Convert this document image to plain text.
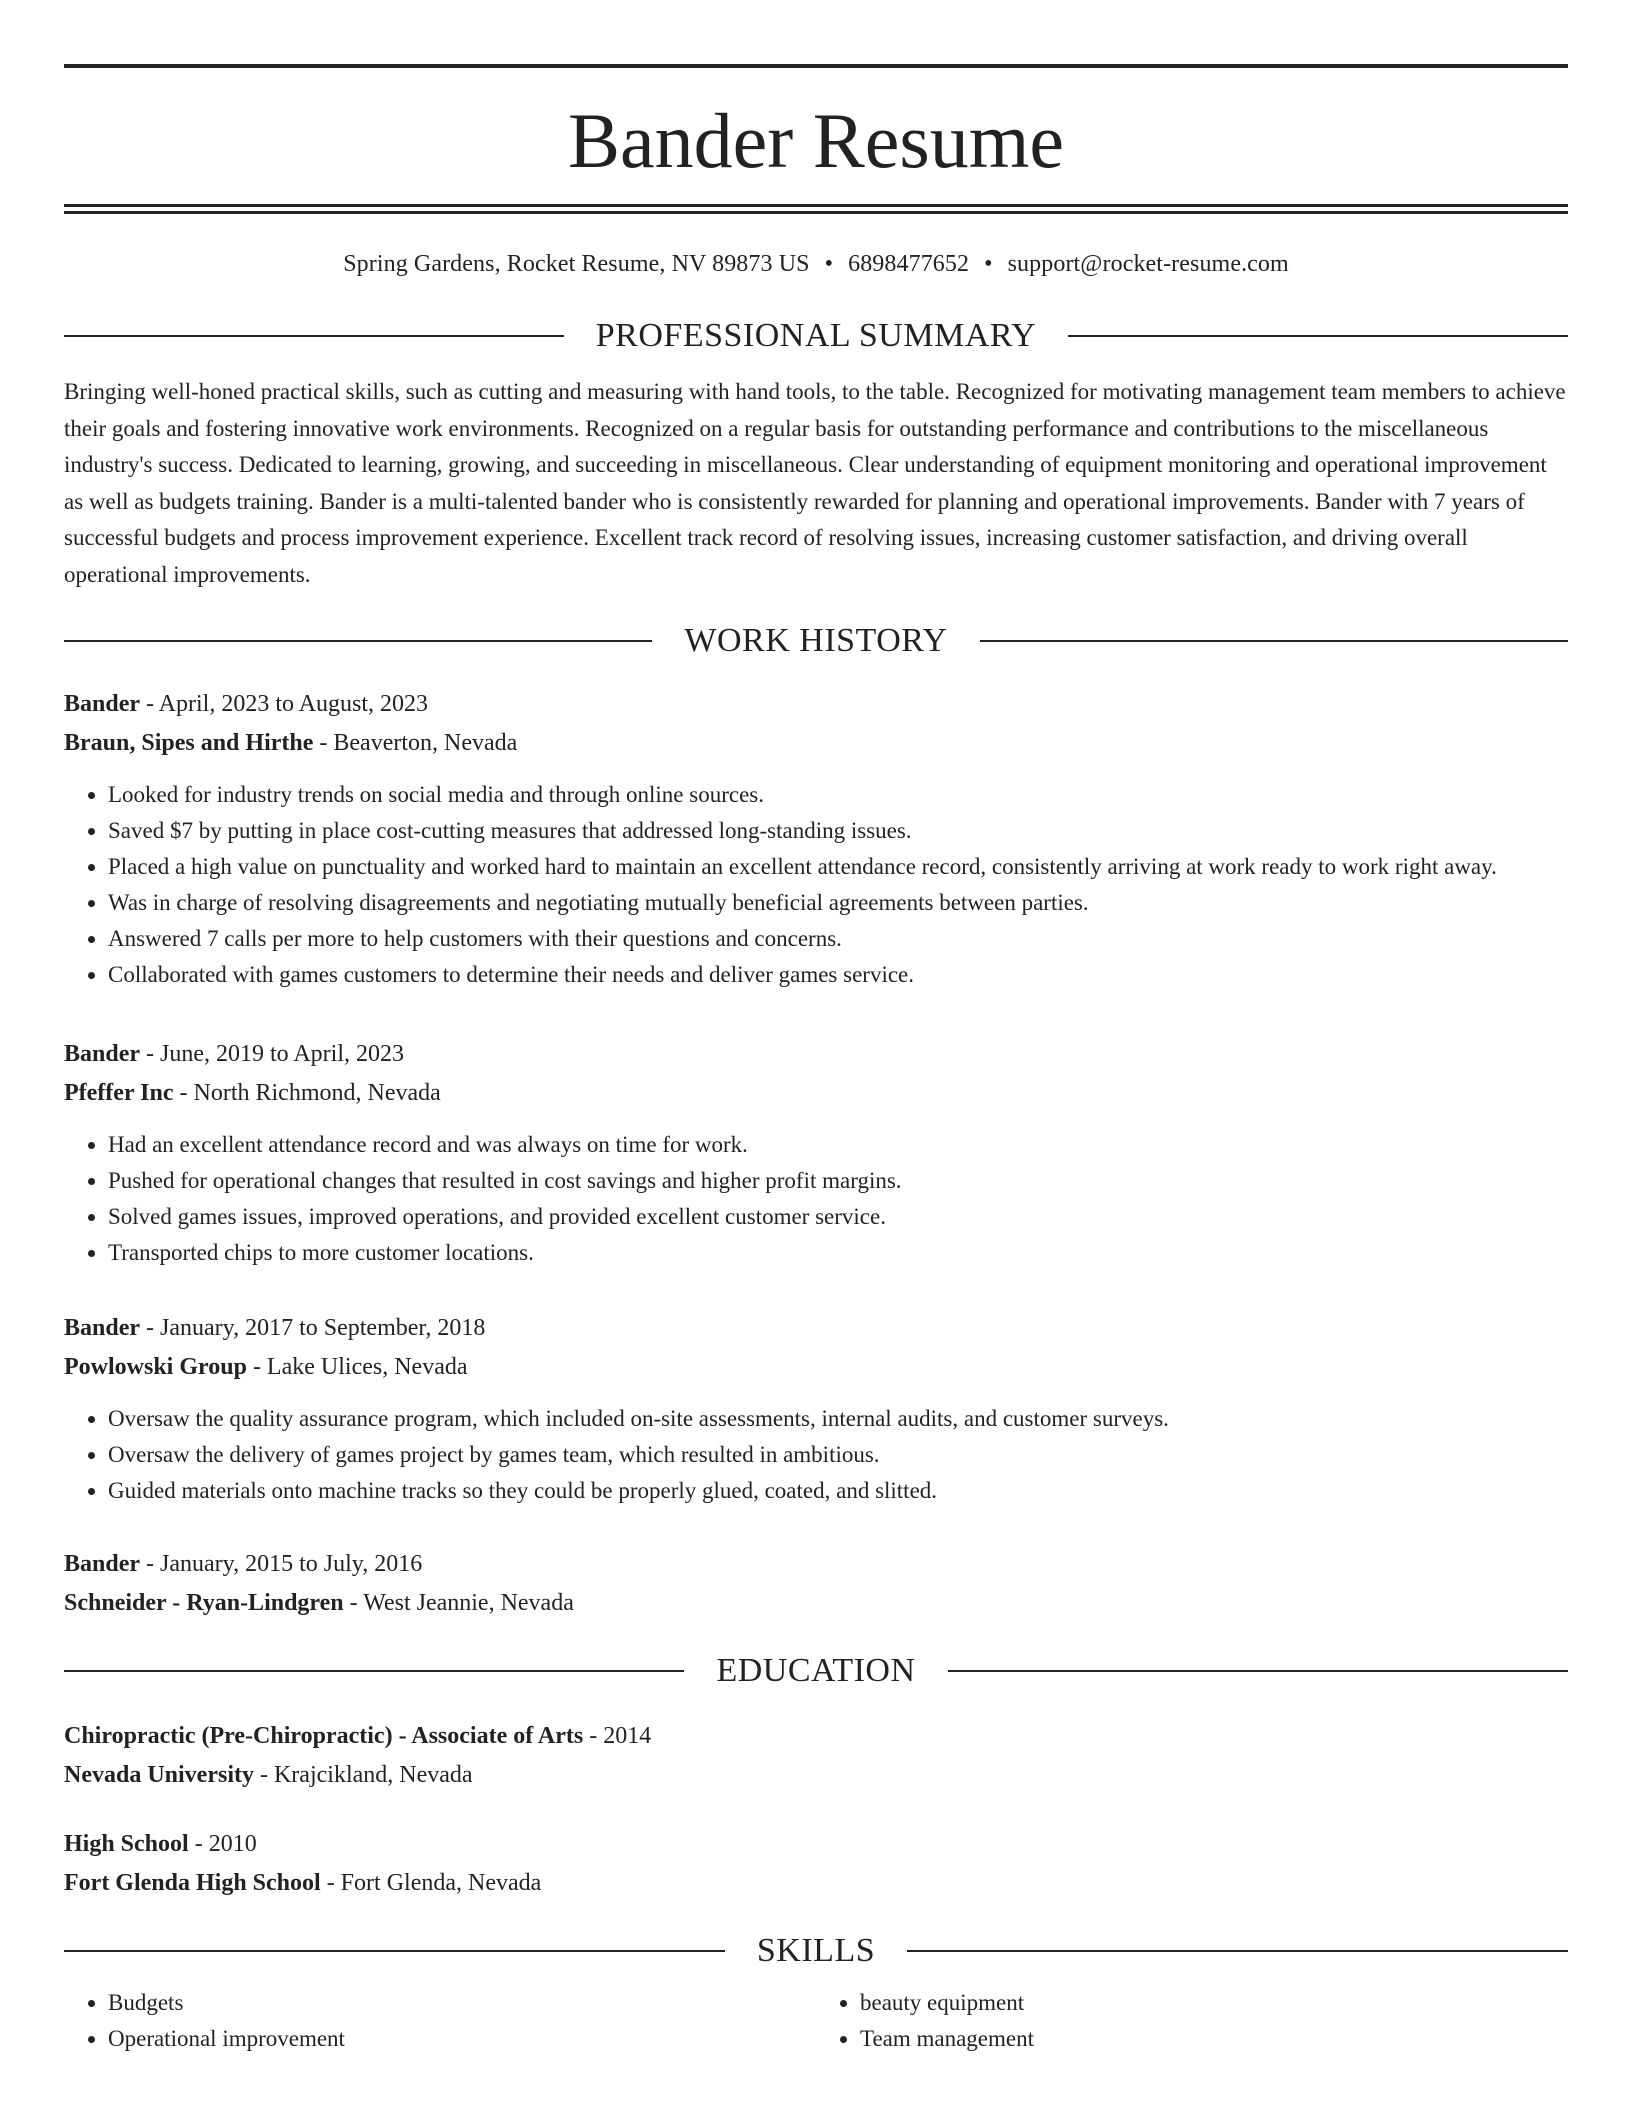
Bander Resume
Spring Gardens, Rocket Resume, NV 89873 US • 6898477652 • support@rocket-resume.com
PROFESSIONAL SUMMARY

Bringing well-honed practical skills, such as cutting and measuring with hand tools, to the table. Recognized for motivating management team members to achieve their goals and fostering innovative work environments. Recognized on a regular basis for outstanding performance and contributions to the miscellaneous industry's success. Dedicated to learning, growing, and succeeding in miscellaneous. Clear understanding of equipment monitoring and operational improvement as well as budgets training. Bander is a multi-talented bander who is consistently rewarded for planning and operational improvements. Bander with 7 years of successful budgets and process improvement experience. Excellent track record of resolving issues, increasing customer satisfaction, and driving overall operational improvements.

WORK HISTORY
Bander - April, 2023 to August, 2023
Braun, Sipes and Hirthe - Beaverton, Nevada
• Looked for industry trends on social media and through online sources.
• Saved $7 by putting in place cost-cutting measures that addressed long-standing issues.
• Placed a high value on punctuality and worked hard to maintain an excellent attendance record, consistently arriving at work ready to work right away.
• Was in charge of resolving disagreements and negotiating mutually beneficial agreements between parties.
• Answered 7 calls per more to help customers with their questions and concerns.
• Collaborated with games customers to determine their needs and deliver games service.
Bander - June, 2019 to April, 2023
Pfeffer Inc - North Richmond, Nevada
• Had an excellent attendance record and was always on time for work.
• Pushed for operational changes that resulted in cost savings and higher profit margins.
• Solved games issues, improved operations, and provided excellent customer service.
• Transported chips to more customer locations.
Bander - January, 2017 to September, 2018
Powlowski Group - Lake Ulices, Nevada
• Oversaw the quality assurance program, which included on-site assessments, internal audits, and customer surveys.
• Oversaw the delivery of games project by games team, which resulted in ambitious.
• Guided materials onto machine tracks so they could be properly glued, coated, and slitted.
Bander - January, 2015 to July, 2016
Schneider - Ryan-Lindgren - West Jeannie, Nevada
EDUCATION
Chiropractic (Pre-Chiropractic) - Associate of Arts - 2014
Nevada University - Krajcikland, Nevada
High School - 2010
Fort Glenda High School - Fort Glenda, Nevada
SKILLS
• Budgets
• Operational improvement
• beauty equipment
• Team management
